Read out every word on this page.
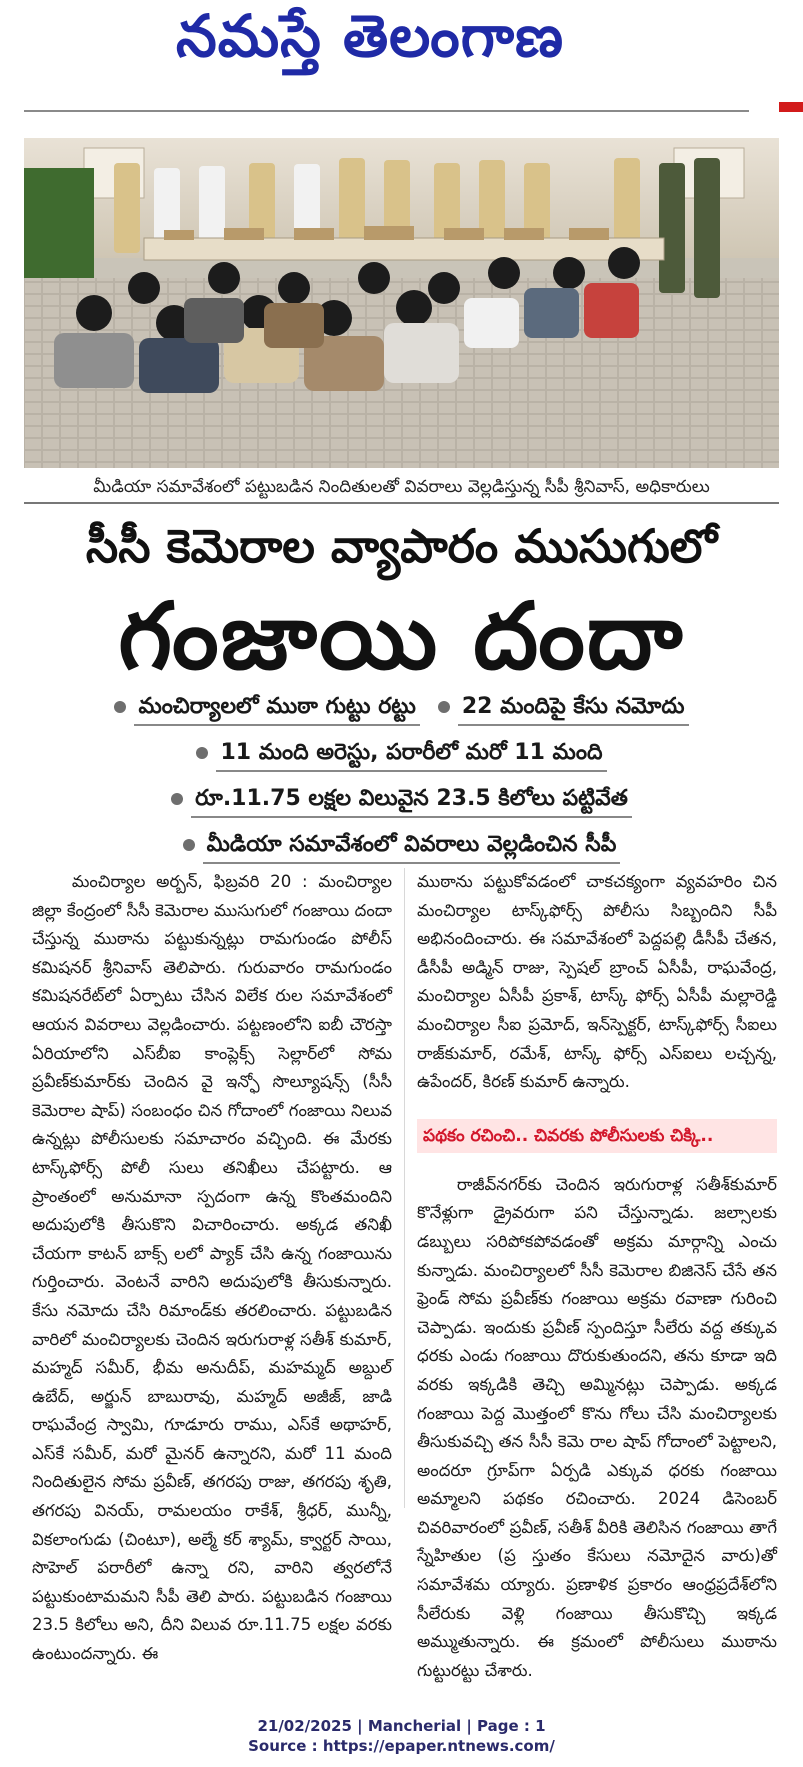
నమస్తే తెలంగాణ
మీడియా సమావేశంలో పట్టుబడిన నిందితులతో వివరాలు వెల్లడిస్తున్న సీపీ శ్రీనివాస్‌, అధికారులు
సీసీ కెమెరాల వ్యాపారం ముసుగులో
గంజాయి దందా
మంచిర్యాలలో ముఠా గుట్టు రట్టు 22 మందిపై కేసు నమోదు
11 మంది అరెస్టు, పరారీలో మరో 11 మంది
రూ.11.75 లక్షల విలువైన 23.5 కిలోలు పట్టివేత
మీడియా సమావేశంలో వివరాలు వెల్లడించిన సీపీ

మంచిర్యాల అర్బన్‌, ఫిబ్రవరి 20 : మంచిర్యాల జిల్లా కేంద్రంలో సీసీ కెమెరాల ముసుగులో గంజాయి దందా చేస్తున్న ముఠాను పట్టుకున్నట్లు రామగుండం పోలీస్‌ కమిషనర్‌ శ్రీనివాస్‌ తెలిపారు. గురువారం రామగుండం కమిషనరేట్‌లో ఏర్పాటు చేసిన విలేక రుల సమావేశంలో ఆయన వివరాలు వెల్లడించారు. పట్టణంలోని ఐబీ చౌరస్తా ఏరియాలోని ఎస్‌బీఐ కాంప్లెక్స్‌ సెల్లార్‌లో సోమ ప్రవీణ్‌కుమార్‌కు చెందిన వై ఇన్ఫో సొల్యూషన్స్‌ (సీసీ కెమెరాల షాప్‌) సంబంధం చిన గోదాంలో గంజాయి నిలువ ఉన్నట్లు పోలీసులకు సమాచారం వచ్చింది. ఈ మేరకు టాస్క్‌ఫోర్స్‌ పోలీ సులు తనిఖీలు చేపట్టారు. ఆ ప్రాంతంలో అనుమానా స్పదంగా ఉన్న కొంతమందిని అదుపులోకి తీసుకొని విచారించారు. అక్కడ తనిఖీ చేయగా కాటన్‌ బాక్స్‌ లలో ప్యాక్‌ చేసి ఉన్న గంజాయిను గుర్తించారు. వెంటనే వారిని అదుపులోకి తీసుకున్నారు. కేసు నమోదు చేసి రిమాండ్‌కు తరలించారు. పట్టుబడిన వారిలో మంచిర్యాలకు చెందిన ఇరుగురాళ్ల సతీశ్‌ కుమార్‌, మహ్మద్‌ సమీర్‌, భీమ అనుదీప్‌, మహమ్మద్‌ అబ్దుల్‌ ఉబేద్‌, అర్జున్‌ బాబురావు, మహ్మద్‌ అజీజ్‌, జాడి రాఘవేంద్ర స్వామి, గూడూరు రాము, ఎస్‌కే అథాహర్‌, ఎస్‌కే సమీర్‌, మరో మైనర్‌ ఉన్నారని, మరో 11 మంది నిందితులైన సోమ ప్రవీణ్‌, తగరపు రాజు, తగరపు శృతి, తగరపు వినయ్‌, రామలయం రాకేశ్‌, శ్రీధర్‌, మున్నీ, వికలాంగుడు (చింటూ), అల్మే కర్‌ శ్యామ్‌, క్వార్టర్‌ సాయి, సొహెల్‌ పరారీలో ఉన్నా రని, వారిని త్వరలోనే పట్టుకుంటామమని సీపీ తెలి పారు. పట్టుబడిన గంజాయి 23.5 కిలోలు అని, దీని విలువ రూ.11.75 లక్షల వరకు ఉంటుందన్నారు. ఈ

ముఠాను పట్టుకోవడంలో చాకచక్యంగా వ్యవహరిం చిన మంచిర్యాల టాస్క్‌ఫోర్స్‌ పోలీసు సిబ్బందిని సీపీ అభినందించారు. ఈ సమావేశంలో పెద్దపల్లి డీసీపీ చేతన, డీసీపీ అడ్మిన్‌ రాజు, స్పెషల్‌ బ్రాంచ్‌ ఏసీపీ, రాఘవేంద్ర, మంచిర్యాల ఏసీపీ ప్రకాశ్‌, టాస్క్‌ ఫోర్స్‌ ఏసీపీ మల్లారెడ్డి మంచిర్యాల సీఐ ప్రమోద్‌, ఇన్‌స్పెక్టర్‌, టాస్క్‌ఫోర్స్‌ సీఐలు రాజ్‌కుమార్‌, రమేశ్‌, టాస్క్‌ ఫోర్స్‌ ఎస్‌ఐలు లచ్చన్న, ఉపేందర్‌, కిరణ్‌ కుమార్‌ ఉన్నారు.

పథకం రచించి.. చివరకు పోలీసులకు చిక్కి..

రాజీవ్‌నగర్‌కు చెందిన ఇరుగురాళ్ల సతీశ్‌కుమార్‌ కొనేళ్లుగా డ్రైవరుగా పని చేస్తున్నాడు. జల్సాలకు డబ్బులు సరిపోకపోవడంతో అక్రమ మార్గాన్ని ఎంచు కున్నాడు. మంచిర్యాలలో సీసీ కెమెరాల బిజినెస్‌ చేసే తన ఫ్రెండ్‌ సోమ ప్రవీణ్‌కు గంజాయి అక్రమ రవాణా గురించి చెప్పాడు. ఇందుకు ప్రవీణ్‌ స్పందిస్తూ సీలేరు వద్ద తక్కువ ధరకు ఎండు గంజాయి దొరుకుతుందని, తను కూడా ఇది వరకు ఇక్కడికి తెచ్చి అమ్మినట్లు చెప్పాడు. అక్కడ గంజాయి పెద్ద మొత్తంలో కొను గోలు చేసి మంచిర్యాలకు తీసుకువచ్చి తన సీసీ కెమె రాల షాప్‌ గోదాంలో పెట్టాలని, అందరూ గ్రూప్‌గా ఏర్పడి ఎక్కువ ధరకు గంజాయి అమ్మాలని పథకం రచించారు. 2024 డిసెంబర్‌ చివరివారంలో ప్రవీణ్‌, సతీశ్‌ వీరికి తెలిసిన గంజాయి తాగే స్నేహితుల (ప్ర స్తుతం కేసులు నమోదైన వారు)తో సమావేశమ య్యారు. ప్రణాళిక ప్రకారం ఆంధ్రప్రదేశ్‌లోని సీలేరుకు వెళ్లి గంజాయి తీసుకొచ్చి ఇక్కడ అమ్ముతున్నారు. ఈ క్రమంలో పోలీసులు ముఠాను గుట్టురట్టు చేశారు.

21/02/2025 | Mancherial | Page : 1
Source : https://epaper.ntnews.com/
